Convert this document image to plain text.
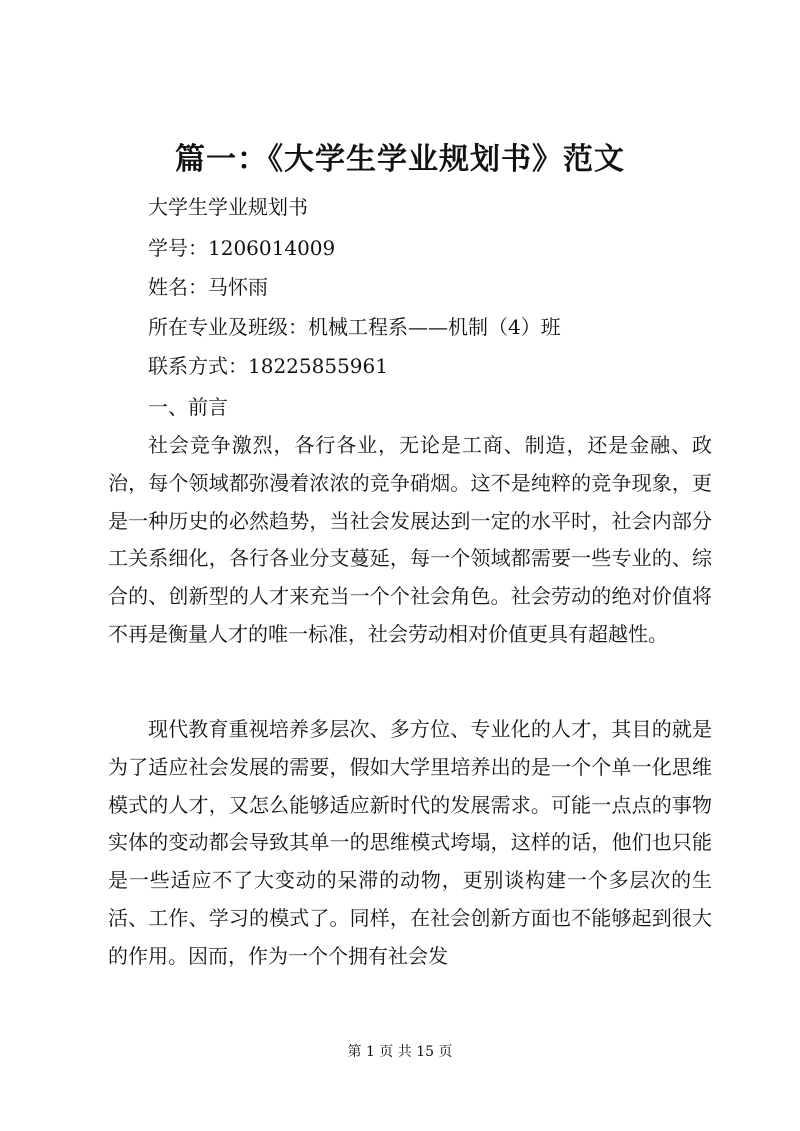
篇一：《大学生学业规划书》范文
大学生学业规划书
学号：1206014009
姓名：马怀雨
所在专业及班级：机械工程系——机制（4）班
联系方式：18225855961
一、前言

社会竞争激烈，各行各业，无论是工商、制造，还是金融、政治，每个领域都弥漫着浓浓的竞争硝烟。这不是纯粹的竞争现象，更是一种历史的必然趋势，当社会发展达到一定的水平时，社会内部分工关系细化，各行各业分支蔓延，每一个领域都需要一些专业的、综合的、创新型的人才来充当一个个社会角色。社会劳动的绝对价值将不再是衡量人才的唯一标准，社会劳动相对价值更具有超越性。

现代教育重视培养多层次、多方位、专业化的人才，其目的就是为了适应社会发展的需要，假如大学里培养出的是一个个单一化思维模式的人才，又怎么能够适应新时代的发展需求。可能一点点的事物实体的变动都会导致其单一的思维模式垮塌，这样的话，他们也只能是一些适应不了大变动的呆滞的动物，更别谈构建一个多层次的生活、工作、学习的模式了。同样，在社会创新方面也不能够起到很大的作用。因而，作为一个个拥有社会发

第 1 页 共 15 页
